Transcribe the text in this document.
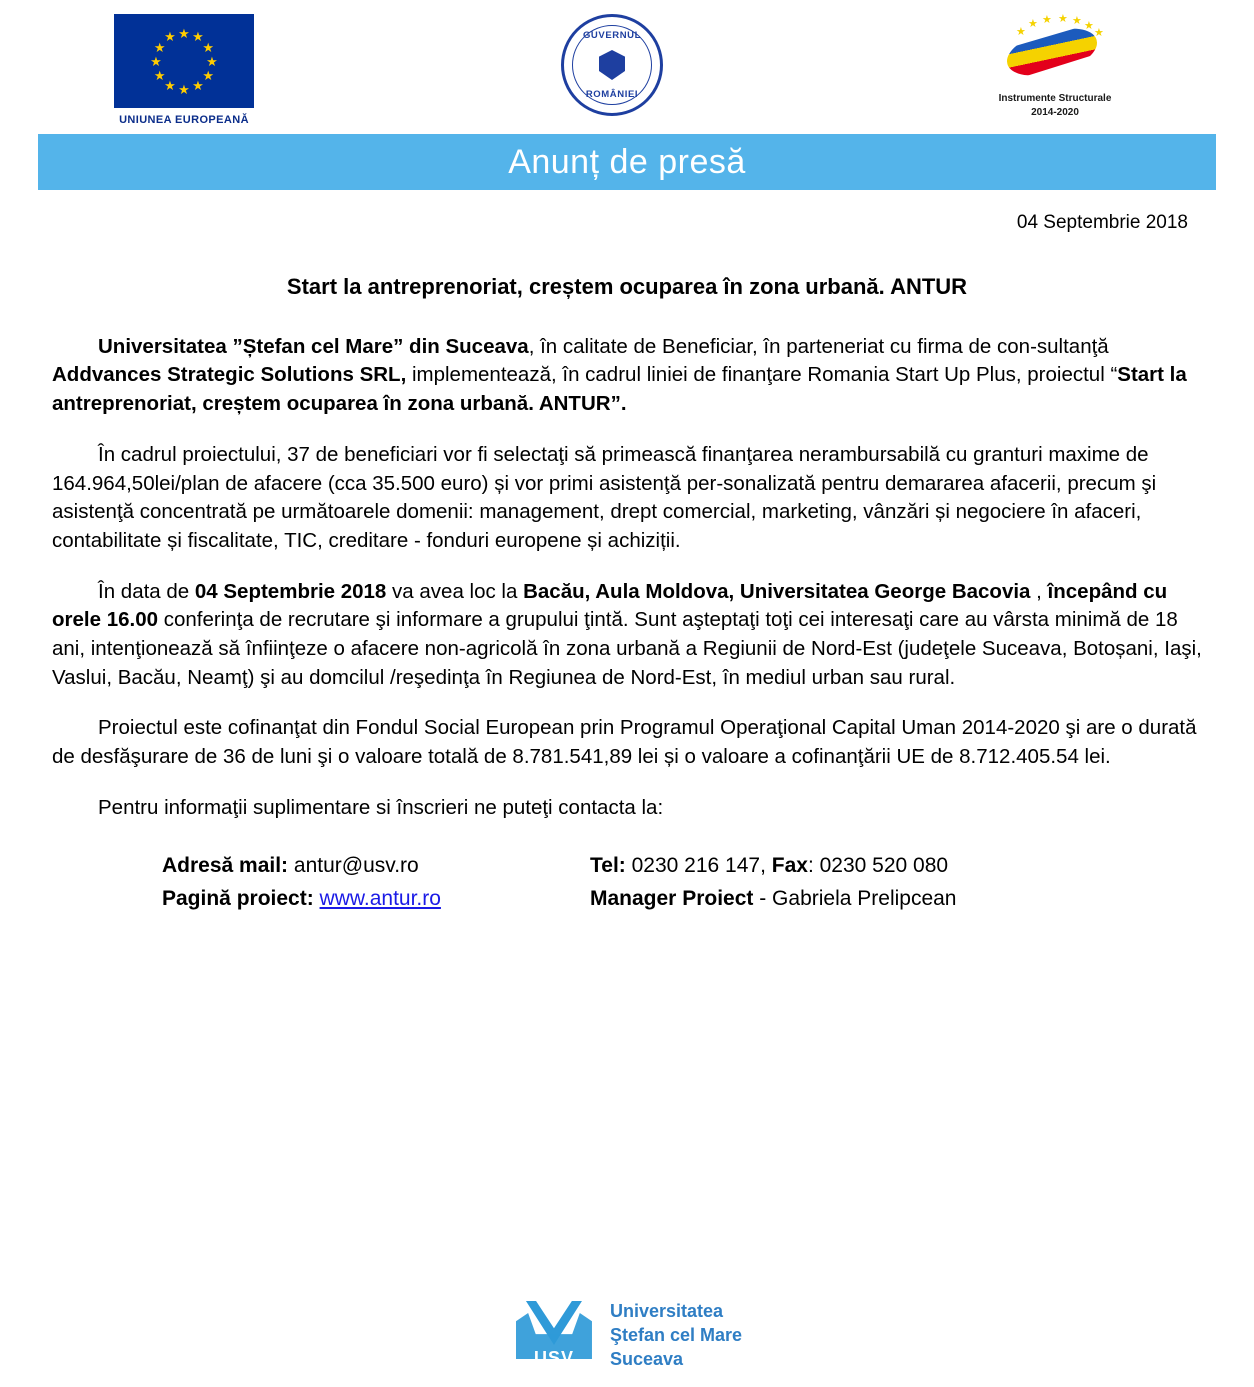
★ ★
★
★
★
★
★
★
★
★
★
★
UNIUNEA EUROPEANĂ
GUVERNUL
ROMÂNIEI
★
★ ★ ★ ★ ★
★
Instrumente Structurale
2014-2020
Anunț de presă
04 Septembrie 2018
Start la antreprenoriat, creștem ocuparea în zona urbană. ANTUR

Universitatea ”Ștefan cel Mare” din Suceava, în calitate de Beneficiar, în parteneriat cu firma de con-sultanţă Addvances Strategic Solutions SRL, implementează, în cadrul liniei de finanţare Romania Start Up Plus, proiectul “Start la antreprenoriat, creștem ocuparea în zona urbană. ANTUR”.

În cadrul proiectului, 37 de beneficiari vor fi selectaţi să primească finanţarea nerambursabilă cu granturi maxime de 164.964,50lei/plan de afacere (cca 35.500 euro) și vor primi asistenţă per-sonalizată pentru demararea afacerii, precum şi asistenţă concentrată pe următoarele domenii: management, drept comercial, marketing, vânzări și negociere în afaceri, contabilitate și fiscalitate, TIC, creditare - fonduri europene și achiziții.

În data de 04 Septembrie 2018 va avea loc la Bacău, Aula Moldova, Universitatea George Bacovia , începând cu orele 16.00 conferinţa de recrutare şi informare a grupului ţintă. Sunt aşteptaţi toţi cei interesaţi care au vârsta minimă de 18 ani, intenţionează să înfiinţeze o afacere non-agricolă în zona urbană a Regiunii de Nord-Est (judeţele Suceava, Botoșani, Iaşi, Vaslui, Bacău, Neamţ) şi au domcilul /reşedinţa în Regiunea de Nord-Est, în mediul urban sau rural.

Proiectul este cofinanţat din Fondul Social European prin Programul Operaţional Capital Uman 2014-2020 şi are o durată de desfăşurare de 36 de luni şi o valoare totală de 8.781.541,89 lei și o valoare a cofinanţării UE de 8.712.405.54 lei.

Pentru informaţii suplimentare si înscrieri ne puteţi contacta la:

Adresă mail: antur@usv.ro
Pagină proiect: www.antur.ro
Tel: 0230 216 147, Fax: 0230 520 080
Manager Proiect - Gabriela Prelipcean
USV
Universitatea
Ştefan cel Mare
Suceava
